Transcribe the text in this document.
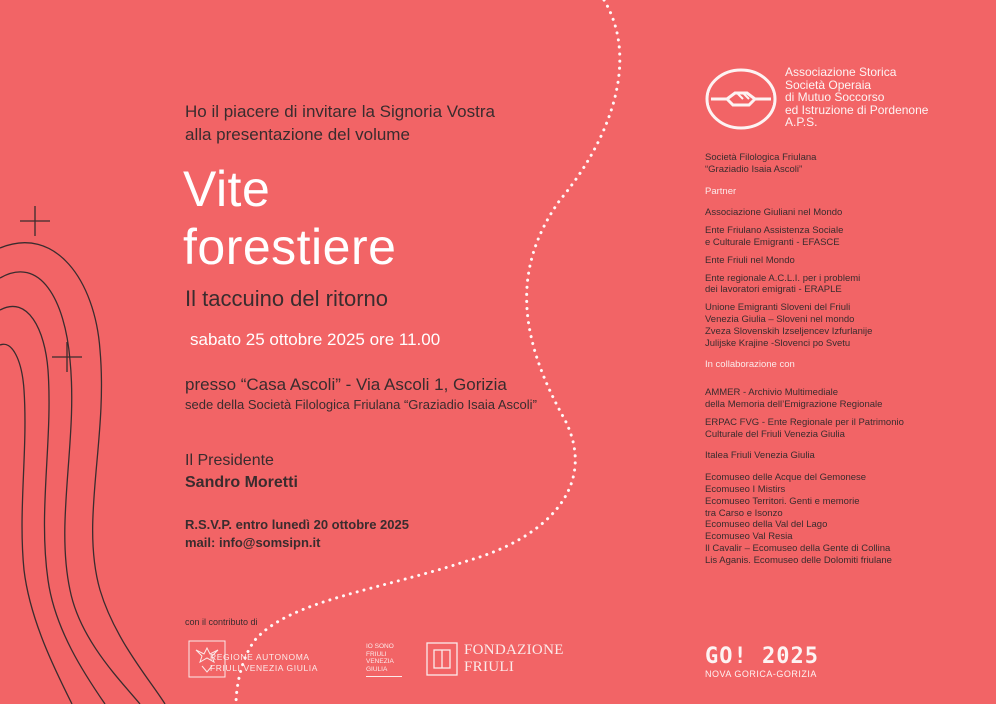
Ho il piacere di invitare la Signoria Vostra
alla presentazione del volume
Vite
forestiere
Il taccuino del ritorno
sabato 25 ottobre 2025 ore 11.00
presso “Casa Ascoli” - Via Ascoli 1, Gorizia
sede della Società Filologica Friulana “Graziadio Isaia Ascoli”
Il Presidente
Sandro Moretti
R.S.V.P. entro lunedì 20 ottobre 2025
mail: info@somsipn.it
con il contributo di
REGIONE AUTONOMA
FRIULI VENEZIA GIULIA
IO SONO
FRIULI
VENEZIA
GIULIA
FONDAZIONE
FRIULI
Associazione Storica
Società Operaia
di Mutuo Soccorso
ed Istruzione di Pordenone
A.P.S.
Società Filologica Friulana
“Graziadio Isaia Ascoli”
Partner
Associazione Giuliani nel Mondo
Ente Friulano Assistenza Sociale
e Culturale Emigranti - EFASCE
Ente Friuli nel Mondo
Ente regionale A.C.L.I. per i problemi
dei lavoratori emigrati - ERAPLE
Unione Emigranti Sloveni del Friuli
Venezia Giulia – Sloveni nel mondo
Zveza Slovenskih Izseljencev Izfurlanije
Julijske Krajine -Slovenci po Svetu
In collaborazione con
AMMER - Archivio Multimediale
della Memoria dell’Emigrazione Regionale
ERPAC FVG - Ente Regionale per il Patrimonio
Culturale del Friuli Venezia Giulia
Italea Friuli Venezia Giulia
Ecomuseo delle Acque del Gemonese
Ecomuseo I Mistirs
Ecomuseo Territori. Genti e memorie
tra Carso e Isonzo
Ecomuseo della Val del Lago
Ecomuseo Val Resia
Il Cavalir – Ecomuseo della Gente di Collina
Lis Aganis. Ecomuseo delle Dolomiti friulane
GO! 2025
NOVA GORICA-GORIZIA
